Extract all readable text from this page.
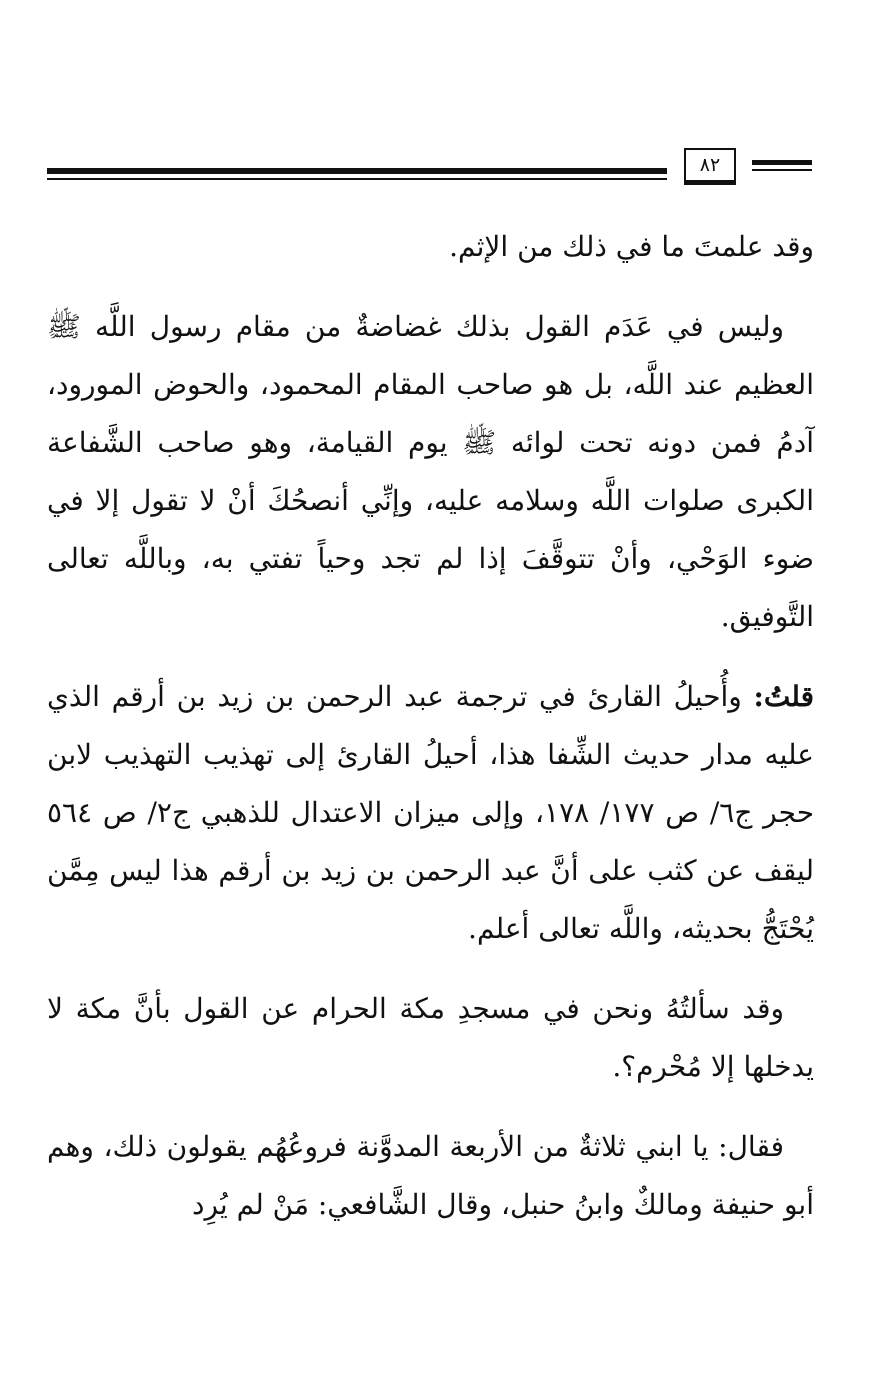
٨٢

وقد علمتَ ما في ذلك من الإثم.

وليس في عَدَم القول بذلك غضاضةٌ من مقام رسول اللَّه ﷺ العظيم عند اللَّه، بل هو صاحب المقام المحمود، والحوض المورود، آدمُ فمن دونه تحت لوائه ﷺ يوم القيامة، وهو صاحب الشَّفاعة الكبرى صلوات اللَّه وسلامه عليه، وإنِّي أنصحُكَ أنْ لا تقول إلا في ضوء الوَحْي، وأنْ تتوقَّفَ إذا لم تجد وحياً تفتي به، وباللَّه تعالى التَّوفيق.

قلتُ: وأُحيلُ القارئ في ترجمة عبد الرحمن بن زيد بن أرقم الذي عليه مدار حديث الشِّفا هذا، أحيلُ القارئ إلى تهذيب التهذيب لابن حجر ج٦/ ص ١٧٧/ ١٧٨، وإلى ميزان الاعتدال للذهبي ج٢/ ص ٥٦٤ ليقف عن كثب على أنَّ عبد الرحمن بن زيد بن أرقم هذا ليس مِمَّن يُحْتَجُّ بحديثه، واللَّه تعالى أعلم.

وقد سألتُهُ ونحن في مسجدِ مكة الحرام عن القول بأنَّ مكة لا يدخلها إلا مُحْرم؟.

فقال: يا ابني ثلاثةٌ من الأربعة المدوَّنة فروعُهُم يقولون ذلك، وهم أبو حنيفة ومالكٌ وابنُ حنبل، وقال الشَّافعي: مَنْ لم يُرِد
